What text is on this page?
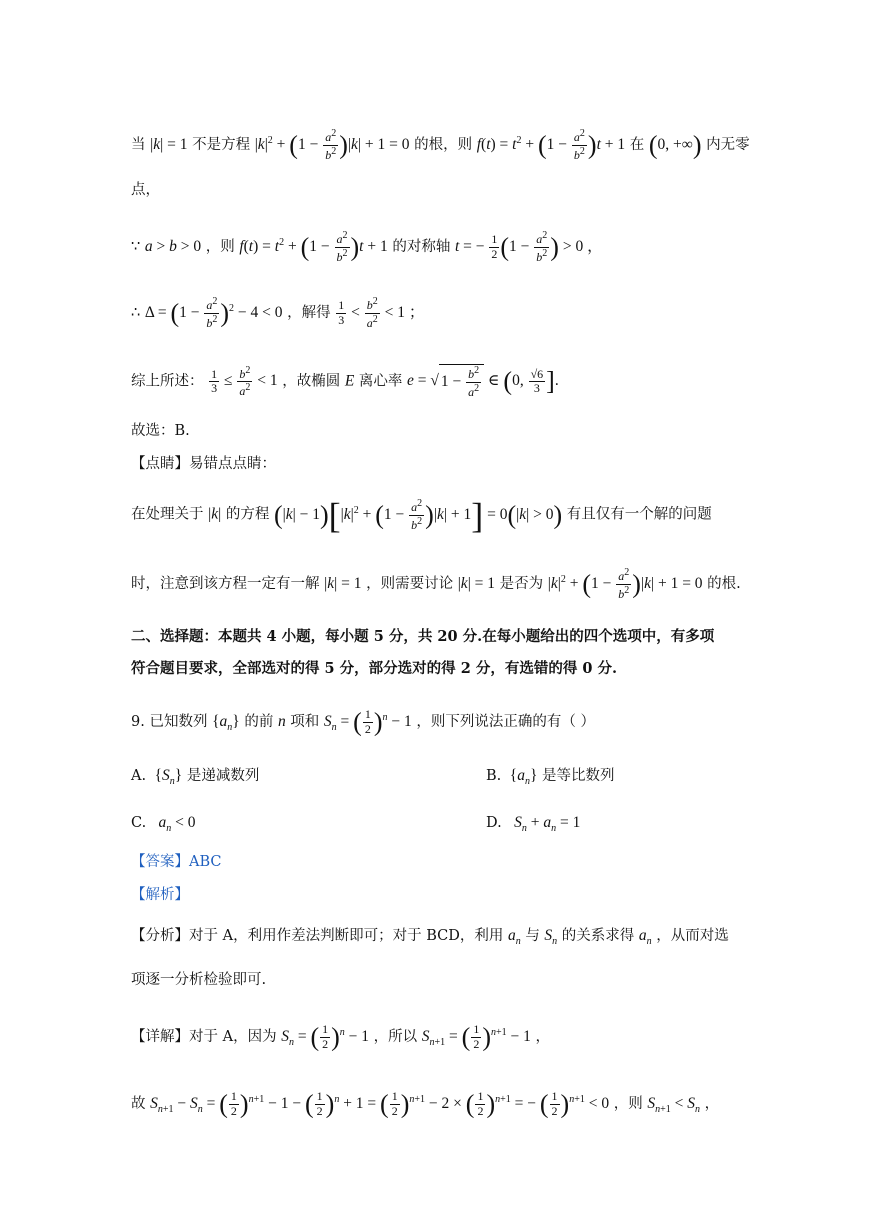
当 |k| = 1 不是方程 $|k|^2 + (1 - \frac{a^2}{b^2} )|k| + 1 = 0$ 的根，则 $f(t) = t^2 + (1 - \frac{a^2}{b^2} )t + 1$ 在 (0, +∞) 内无零
点，
∵ a > b > 0 ，则 $f(t) = t^2 + (1 - \frac{a^2}{b^2} )t + 1$ 的对称轴 t = − $\frac{1}{2} (1 - \frac{a^2}{b^2}$ ) > 0 ，
∴ $\Delta = (1 - \frac{a^2}{b^2} )^2 - 4 < 0$ ，解得 $\frac{1}{3} < \frac{b^2}{a^2} < 1$ ；
综上所述： $\frac{1}{3} \le \frac{b^2}{a^2} < 1$ ，故椭圆 E 离心率 e = √ $1 - \frac{b^2}{a^2}$ ∈ (0, $\frac{√6}{3}$ ].
故选：B.
【点睛】易错点点睛：
在处理关于 |k| 的方程 $(|k| - 1)[|k|^2 + (1 - \frac{a^2}{b^2} )|k| + 1] = 0(|k| > 0)$ 有且仅有一个解的问题
时，注意到该方程一定有一解 |k| = 1 ，则需要讨论 |k| = 1 是否为 $|k|^2 + (1 - \frac{a^2}{b^2} )|k| + 1 = 0$ 的根.
二、选择题：本题共 4 小题，每小题 5 分，共 20 分.在每小题给出的四个选项中，有多项
符合题目要求，全部选对的得 5 分，部分选对的得 2 分，有选错的得 0 分.
9. 已知数列 $\{a_n\}$ 的前 n 项和 $S_n$ = ( $\frac{1}{2} )^n - 1$ ，则下列说法正确的有（ ）
A.  $\{S_n\}$ 是递减数列	B.  $\{a_n\}$ 是等比数列
C. $a_n < 0$	D. $S_n + a_n = 1$
【答案】ABC
【解析】
【分析】对于 A，利用作差法判断即可；对于 BCD，利用 $a_n$ 与 $S_n$ 的关系求得 $a_n$ ，从而对选
项逐一分析检验即可.
【详解】对于 A，因为 $S_n$ = ( $\frac{1}{2} )^n - 1$ ，所以 $S_{n+1}$ = ( $\frac{1}{2} )^{n+1} - 1$ ，
故 $S_{n+1} - S_n$ = ( $\frac{1}{2} )^{n+1} - 1$ − ( $\frac{1}{2} )^n + 1$ = ( $\frac{1}{2} )^{n+1} - 2$ × ( $\frac{1}{2} )^{n+1}$ = − ( $\frac{1}{2} )^{n+1} < 0$ ，则 $S_{n+1} < S_n$ ，
